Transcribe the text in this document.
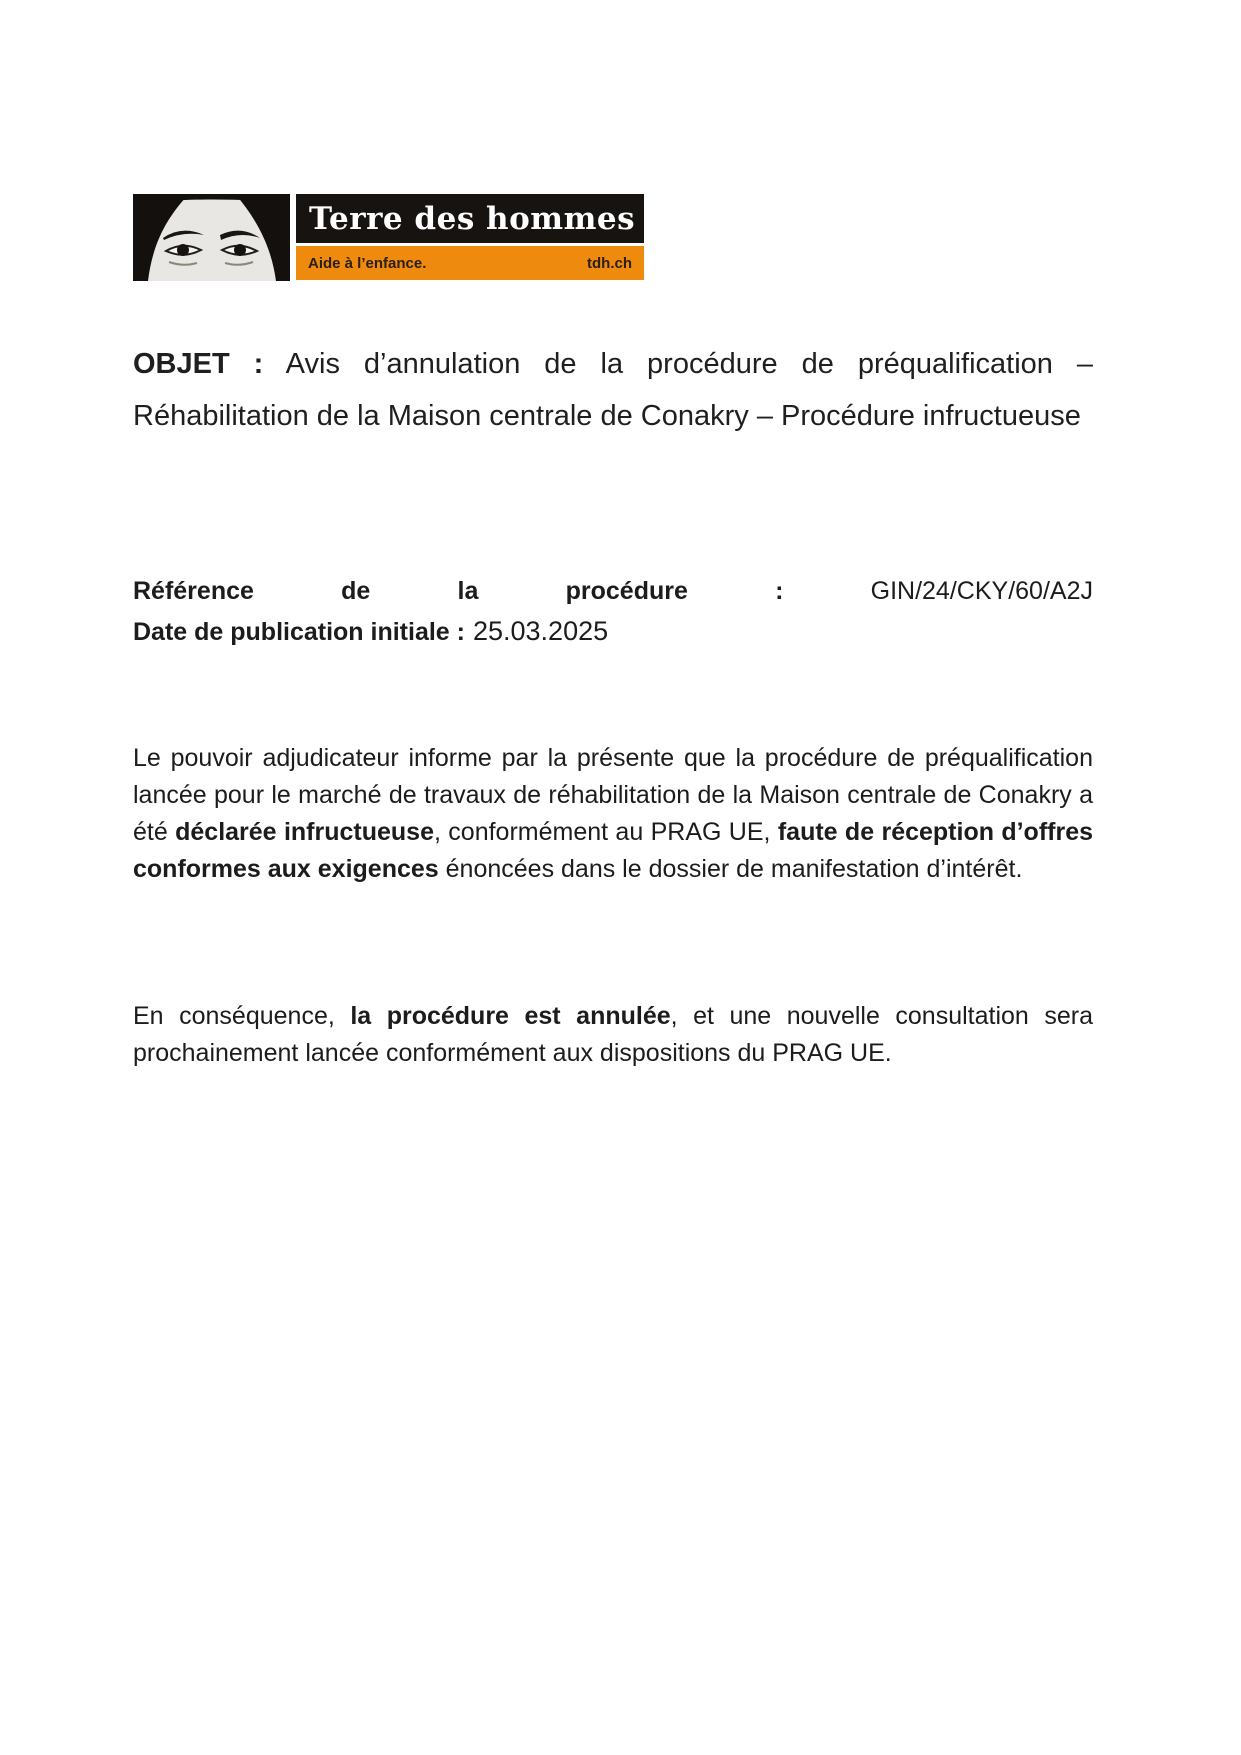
Terre des hommes
Aide à l’enfance.	tdh.ch
OBJET : Avis d’annulation de la procédure de préqualification – Réhabilitation de la Maison centrale de Conakry – Procédure infructueuse
Référence	de	la	procédure	:	GIN/24/CKY/60/A2J
Date de publication initiale : 25.03.2025

Le pouvoir adjudicateur informe par la présente que la procédure de préqualification lancée pour le marché de travaux de réhabilitation de la Maison centrale de Conakry a été déclarée infructueuse, conformément au PRAG UE, faute de réception d’offres conformes aux exigences énoncées dans le dossier de manifestation d’intérêt.

En conséquence, la procédure est annulée, et une nouvelle consultation sera prochainement lancée conformément aux dispositions du PRAG UE.
